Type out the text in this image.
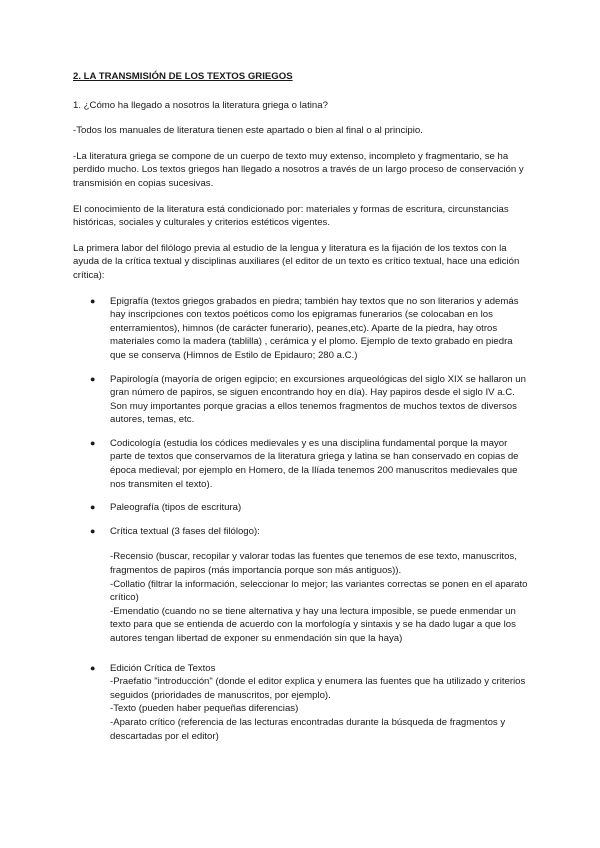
2. LA TRANSMISIÓN DE LOS TEXTOS GRIEGOS

1. ¿Cómo ha llegado a nosotros la literatura griega o latina?

-Todos los manuales de literatura tienen este apartado o bien al final o al principio.

-La literatura griega se compone de un cuerpo de texto muy extenso, incompleto y fragmentario, se ha perdido mucho. Los textos griegos han llegado a nosotros a través de un largo proceso de conservación y transmisión en copias sucesivas.

El conocimiento de la literatura está condicionado por: materiales y formas de escritura, circunstancias históricas, sociales y culturales y criterios estéticos vigentes.

La primera labor del filólogo previa al estudio de la lengua y literatura es la fijación de los textos con la ayuda de la crítica textual y disciplinas auxiliares (el editor de un texto es crítico textual, hace una edición crítica):

● Epigrafía (textos griegos grabados en piedra; también hay textos que no son literarios y además hay inscripciones con textos poéticos como los epigramas funerarios (se colocaban en los enterramientos), himnos (de carácter funerario), peanes,etc). Aparte de la piedra, hay otros materiales como la madera (tablilla) , cerámica y el plomo. Ejemplo de texto grabado en piedra que se conserva (Himnos de Estilo de Epidauro; 280 a.C.)
● Papirología (mayoría de origen egipcio; en excursiones arqueológicas del siglo XIX se hallaron un gran número de papiros, se siguen encontrando hoy en día). Hay papiros desde el siglo IV a.C. Son muy importantes porque gracias a ellos tenemos fragmentos de muchos textos de diversos autores, temas, etc.
● Codicología (estudia los códices medievales y es una disciplina fundamental porque la mayor parte de textos que conservamos de la literatura griega y latina se han conservado en copias de época medieval; por ejemplo en Homero, de la Ilíada tenemos 200 manuscritos medievales que nos transmiten el texto).
● Paleografía (tipos de escritura)
● Crítica textual (3 fases del filólogo):

-Recensio (buscar, recopilar y valorar todas las fuentes que tenemos de ese texto, manuscritos, fragmentos de papiros (más importancia porque son más antiguos)).

-Collatio (filtrar la información, seleccionar lo mejor; las variantes correctas se ponen en el aparato crítico)

-Emendatio (cuando no se tiene alternativa y hay una lectura imposible, se puede enmendar un texto para que se entienda de acuerdo con la morfología y sintaxis y se ha dado lugar a que los autores tengan libertad de exponer su enmendación sin que la haya)

● Edición Crítica de Textos

-Praefatio "introducción" (donde el editor explica y enumera las fuentes que ha utilizado y criterios seguidos (prioridades de manuscritos, por ejemplo).

-Texto (pueden haber pequeñas diferencias)

-Aparato crítico (referencia de las lecturas encontradas durante la búsqueda de fragmentos y descartadas por el editor)
